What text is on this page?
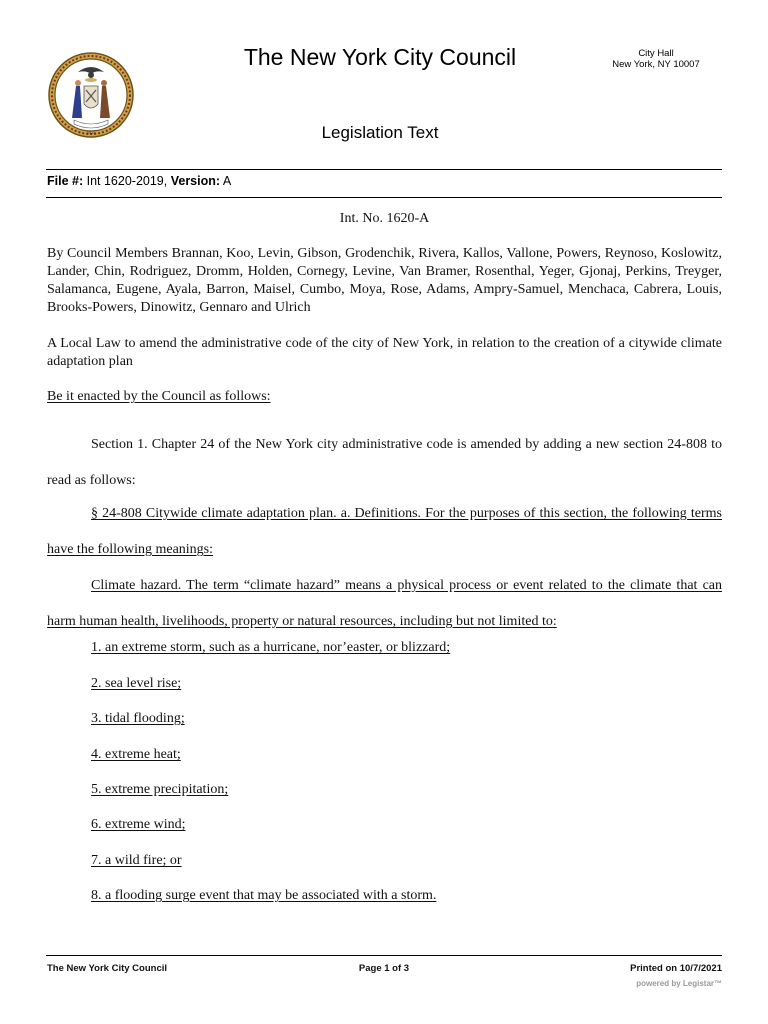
1625
The New York City Council	City Hall
New York, NY 10007
Legislation Text
File #: Int 1620-2019, Version: A
Int. No. 1620-A
By Council Members Brannan, Koo, Levin, Gibson, Grodenchik, Rivera, Kallos, Vallone, Powers, Reynoso, Koslowitz, Lander, Chin, Rodriguez, Dromm, Holden, Cornegy, Levine, Van Bramer, Rosenthal, Yeger, Gjonaj, Perkins, Treyger, Salamanca, Eugene, Ayala, Barron, Maisel, Cumbo, Moya, Rose, Adams, Ampry-Samuel, Menchaca, Cabrera, Louis, Brooks-Powers, Dinowitz, Gennaro and Ulrich
A Local Law to amend the administrative code of the city of New York, in relation to the creation of a citywide climate adaptation plan
Be it enacted by the Council as follows:
Section 1. Chapter 24 of the New York city administrative code is amended by adding a new section 24-808 to read as follows:
§ 24-808 Citywide climate adaptation plan. a. Definitions. For the purposes of this section, the following terms have the following meanings:
Climate hazard. The term “climate hazard” means a physical process or event related to the climate that can harm human health, livelihoods, property or natural resources, including but not limited to:
1. an extreme storm, such as a hurricane, nor’easter, or blizzard;
2. sea level rise;
3. tidal flooding;
4. extreme heat;
5. extreme precipitation;
6. extreme wind;
7. a wild fire; or
8. a flooding surge event that may be associated with a storm.
The New York City Council	Page 1 of 3	Printed on 10/7/2021
powered by Legistar™
